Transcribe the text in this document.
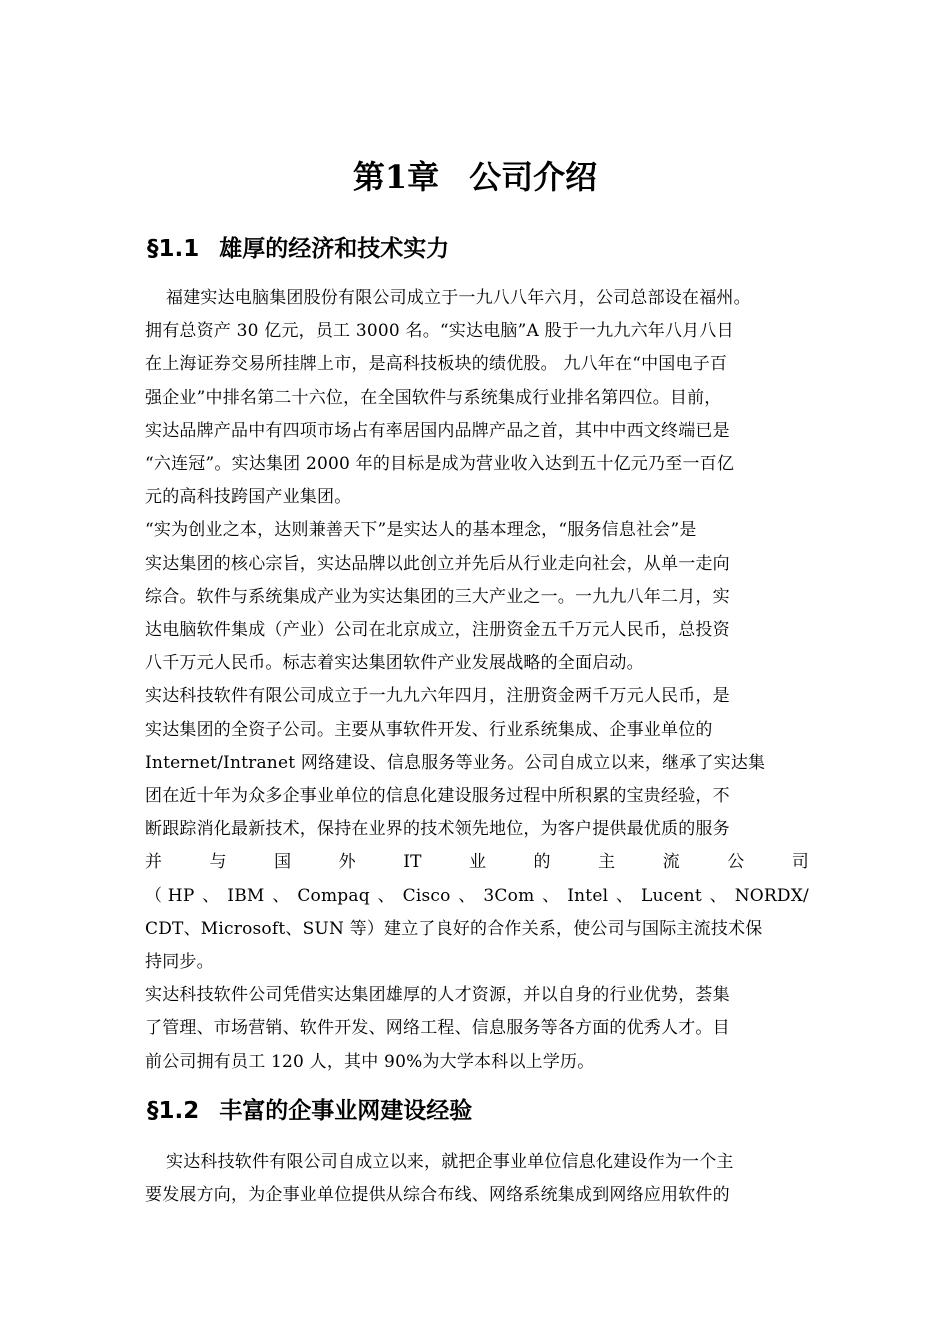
第1章 公司介绍
§1.1 雄厚的经济和技术实力

福建实达电脑集团股份有限公司成立于一九八八年六月，公司总部设在福州。
拥有总资产 30 亿元，员工 3000 名。“实达电脑”A 股于一九九六年八月八日
在上海证券交易所挂牌上市，是高科技板块的绩优股。 九八年在“中国电子百
强企业”中排名第二十六位，在全国软件与系统集成行业排名第四位。目前，
实达品牌产品中有四项市场占有率居国内品牌产品之首，其中中西文终端已是
“六连冠”。实达集团 2000 年的目标是成为营业收入达到五十亿元乃至一百亿
元的高科技跨国产业集团。

“实为创业之本，达则兼善天下”是实达人的基本理念，“服务信息社会”是
实达集团的核心宗旨，实达品牌以此创立并先后从行业走向社会，从单一走向
综合。软件与系统集成产业为实达集团的三大产业之一。一九九八年二月，实
达电脑软件集成（产业）公司在北京成立，注册资金五千万元人民币，总投资
八千万元人民币。标志着实达集团软件产业发展战略的全面启动。

实达科技软件有限公司成立于一九九六年四月，注册资金两千万元人民币，是
实达集团的全资子公司。主要从事软件开发、行业系统集成、企事业单位的
Internet/Intranet 网络建设、信息服务等业务。公司自成立以来，继承了实达集
团在近十年为众多企事业单位的信息化建设服务过程中所积累的宝贵经验，不
断跟踪消化最新技术，保持在业界的技术领先地位，为客户提供最优质的服务
并	与	国	外	IT	业	的	主	流	公	司
（ HP 、 IBM 、 Compaq 、 Cisco 、 3Com 、 Intel 、 Lucent 、 NORDX/
CDT、Microsoft、SUN 等）建立了良好的合作关系，使公司与国际主流技术保
持同步。

实达科技软件公司凭借实达集团雄厚的人才资源，并以自身的行业优势，荟集
了管理、市场营销、软件开发、网络工程、信息服务等各方面的优秀人才。目
前公司拥有员工 120 人，其中 90%为大学本科以上学历。

§1.2 丰富的企事业网建设经验

实达科技软件有限公司自成立以来，就把企事业单位信息化建设作为一个主
要发展方向，为企事业单位提供从综合布线、网络系统集成到网络应用软件的
